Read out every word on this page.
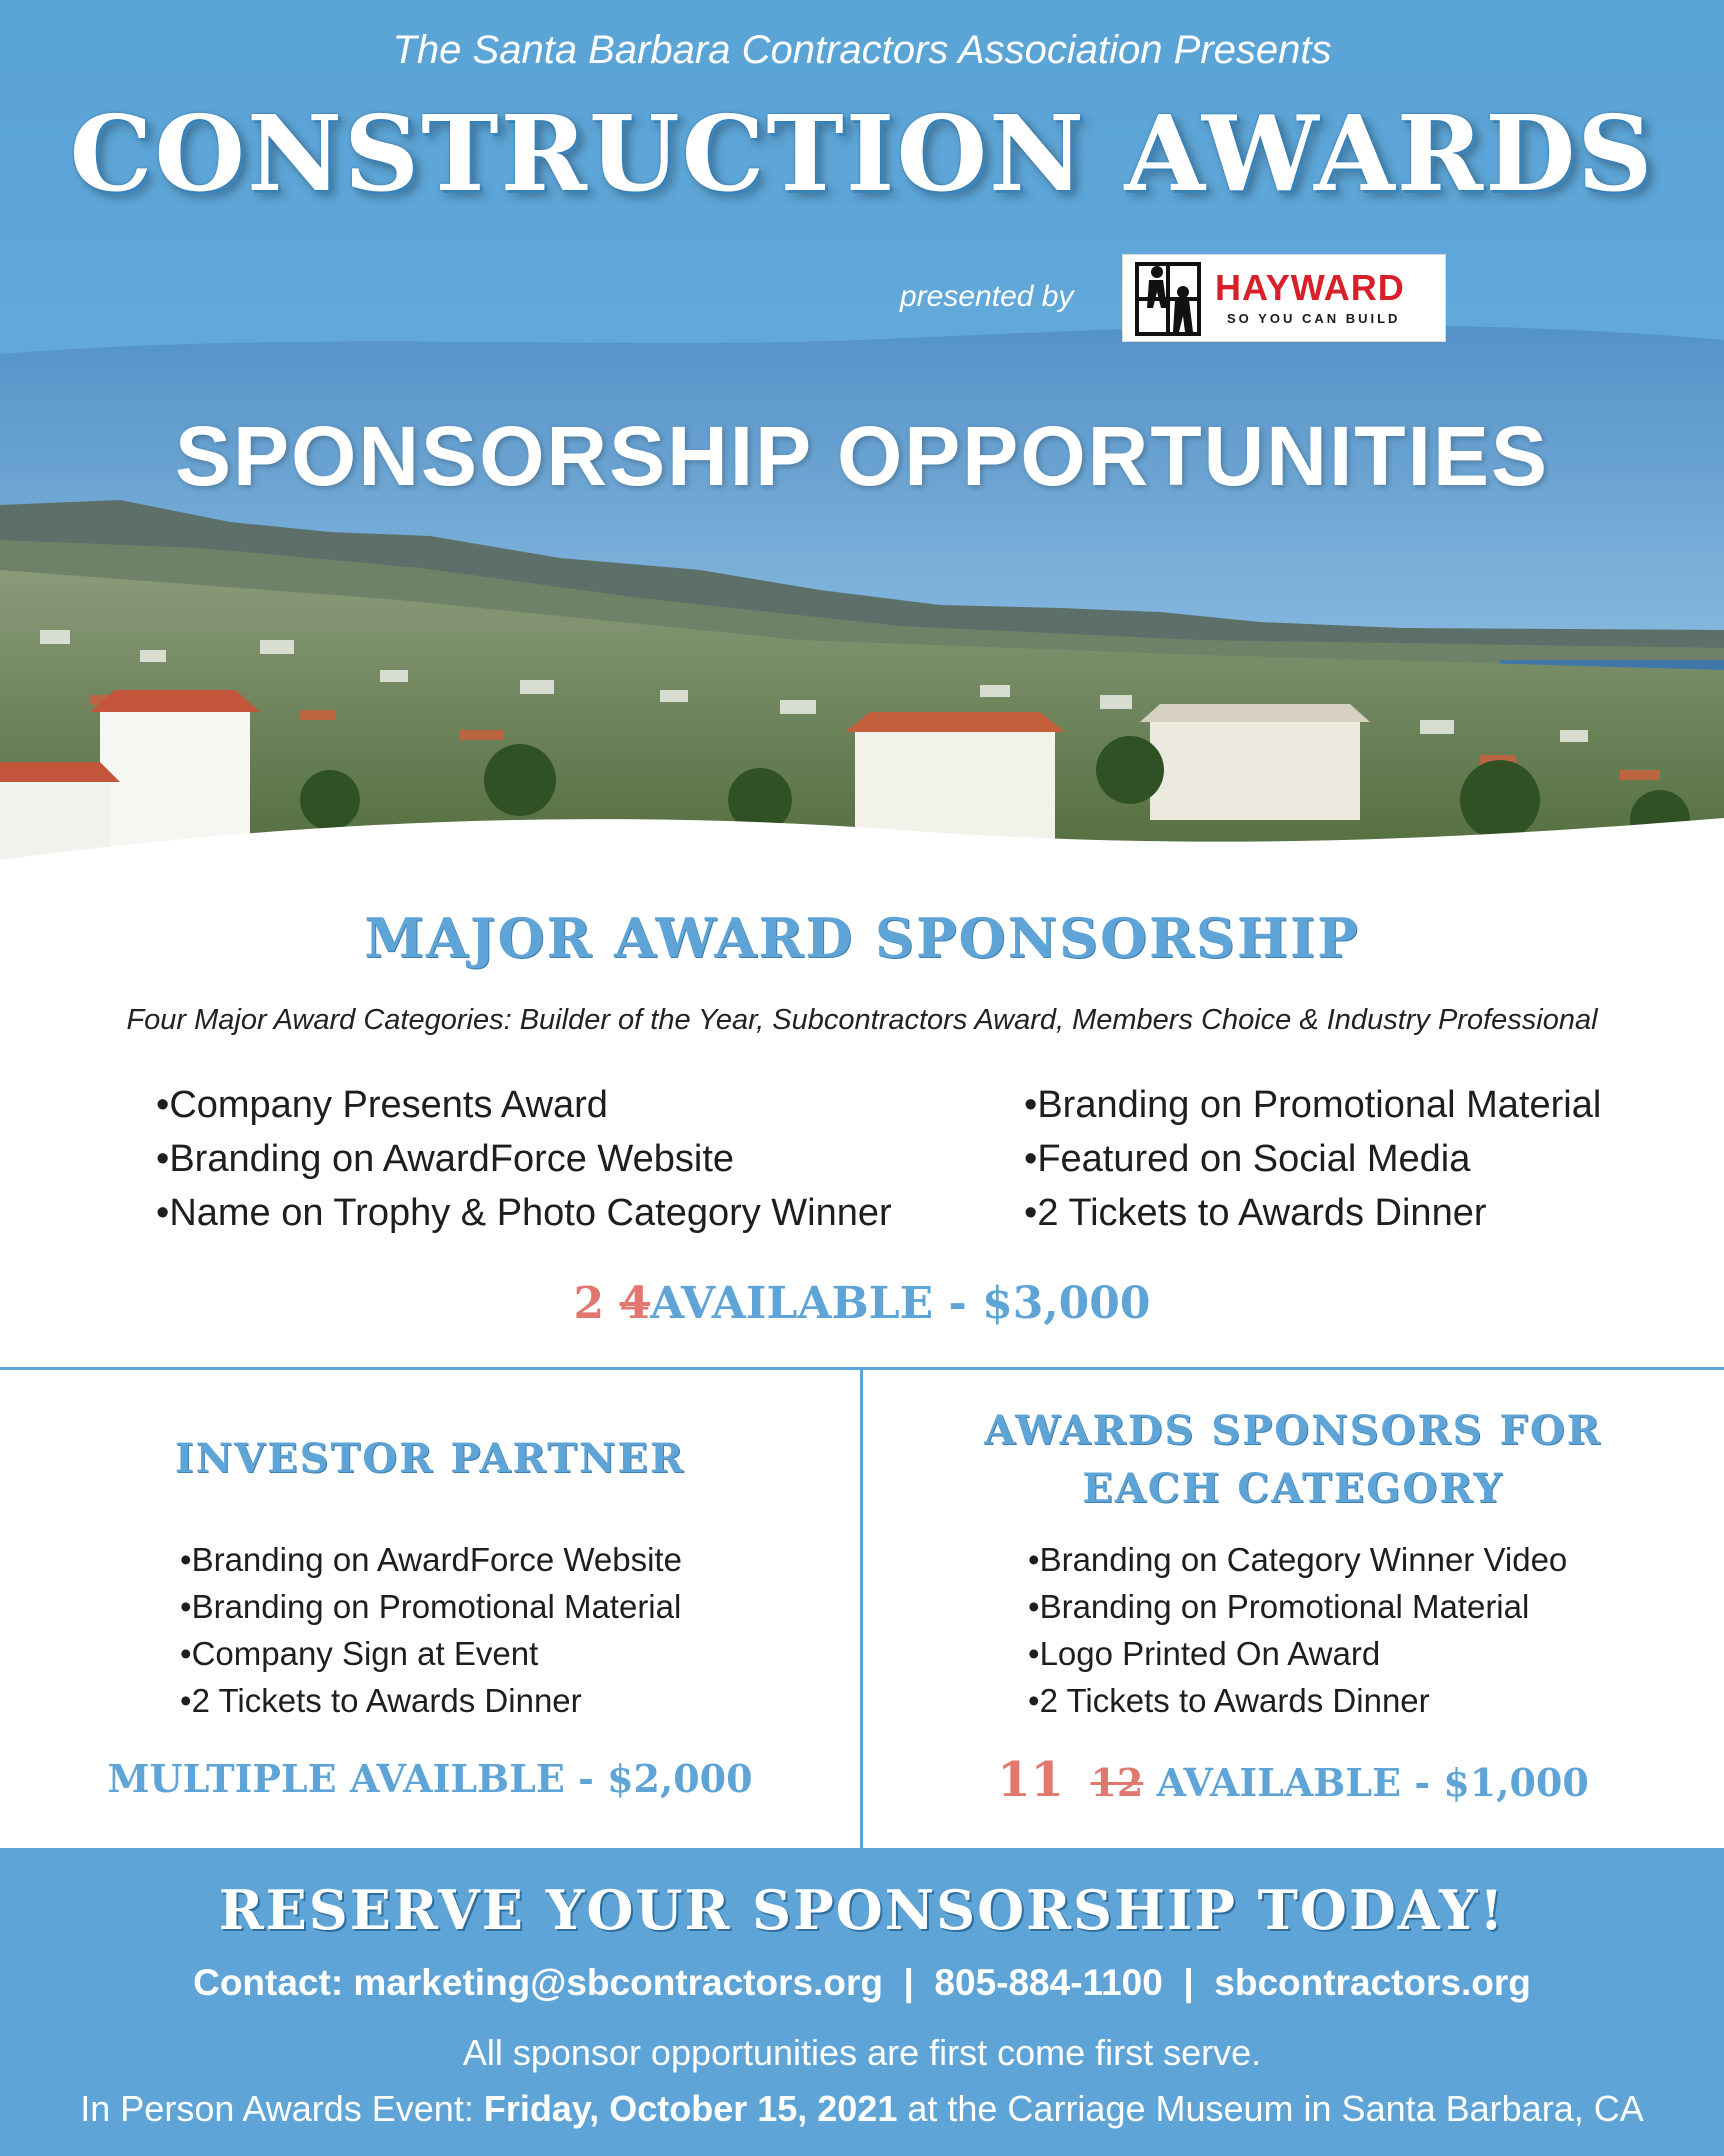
The Santa Barbara Contractors Association Presents
CONSTRUCTION AWARDS
presented by	HAYWARD
SO YOU CAN BUILD
SPONSORSHIP OPPORTUNITIES
MAJOR AWARD SPONSORSHIP
Four Major Award Categories: Builder of the Year, Subcontractors Award, Members Choice & Industry Professional
• Company Presents Award
• Branding on AwardForce Website
• Name on Trophy & Photo Category Winner
• Branding on Promotional Material
• Featured on Social Media
• 2 Tickets to Awards Dinner
2 4AVAILABLE - $3,000
INVESTOR PARTNER
• Branding on AwardForce Website
• Branding on Promotional Material
• Company Sign at Event
• 2 Tickets to Awards Dinner
MULTIPLE AVAILBLE - $2,000
AWARDS SPONSORS FOR
EACH CATEGORY
• Branding on Category Winner Video
• Branding on Promotional Material
• Logo Printed On Award
• 2 Tickets to Awards Dinner
11 12 AVAILABLE - $1,000
RESERVE YOUR SPONSORSHIP TODAY!
Contact: marketing@sbcontractors.org  |  805-884-1100  |  sbcontractors.org
All sponsor opportunities are first come first serve.
In Person Awards Event: Friday, October 15, 2021 at the Carriage Museum in Santa Barbara, CA
